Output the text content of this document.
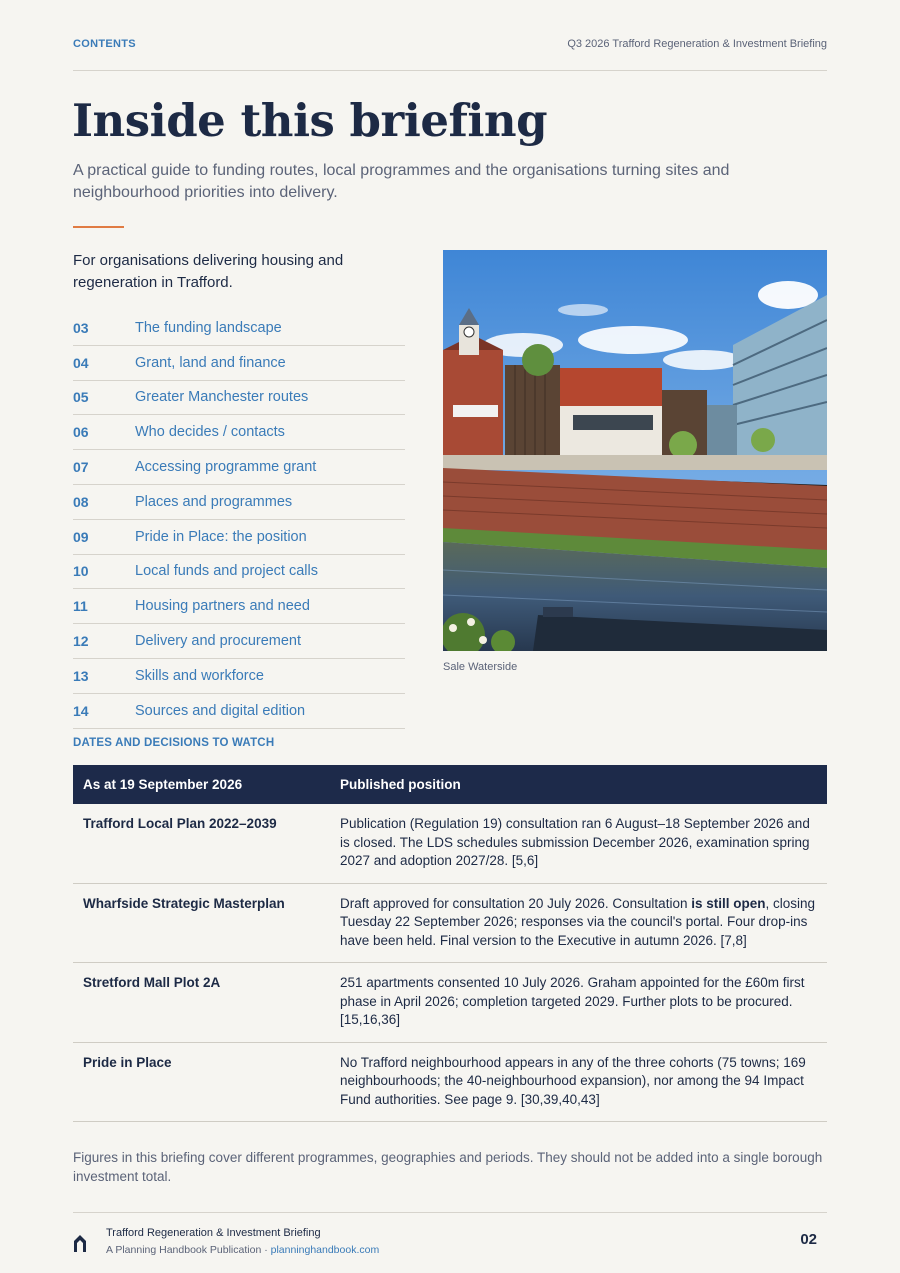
CONTENTS	Q3 2026 Trafford Regeneration & Investment Briefing
Inside this briefing

A practical guide to funding routes, local programmes and the organisations turning sites and neighbourhood priorities into delivery.

For organisations delivering housing and regeneration in Trafford.

03	The funding landscape
04	Grant, land and finance
05	Greater Manchester routes
06	Who decides / contacts
07	Accessing programme grant
08	Places and programmes
09	Pride in Place: the position
10	Local funds and project calls
11	Housing partners and need
12	Delivery and procurement
13	Skills and workforce
14	Sources and digital edition
Sale Waterside
DATES AND DECISIONS TO WATCH
As at 19 September 2026	Published position
Trafford Local Plan 2022–2039	Publication (Regulation 19) consultation ran 6 August–18 September 2026 and is closed. The LDS schedules submission December 2026, examination spring 2027 and adoption 2027/28. [5,6]
Wharfside Strategic Masterplan	Draft approved for consultation 20 July 2026. Consultation is still open, closing Tuesday 22 September 2026; responses via the council's portal. Four drop-ins have been held. Final version to the Executive in autumn 2026. [7,8]
Stretford Mall Plot 2A	251 apartments consented 10 July 2026. Graham appointed for the £60m first phase in April 2026; completion targeted 2029. Further plots to be procured. [15,16,36]
Pride in Place	No Trafford neighbourhood appears in any of the three cohorts (75 towns; 169 neighbourhoods; the 40-neighbourhood expansion), nor among the 94 Impact Fund authorities. See page 9. [30,39,40,43]

Figures in this briefing cover different programmes, geographies and periods. They should not be added into a single borough investment total.

Trafford Regeneration & Investment Briefing
A Planning Handbook Publication · planninghandbook.com
02
